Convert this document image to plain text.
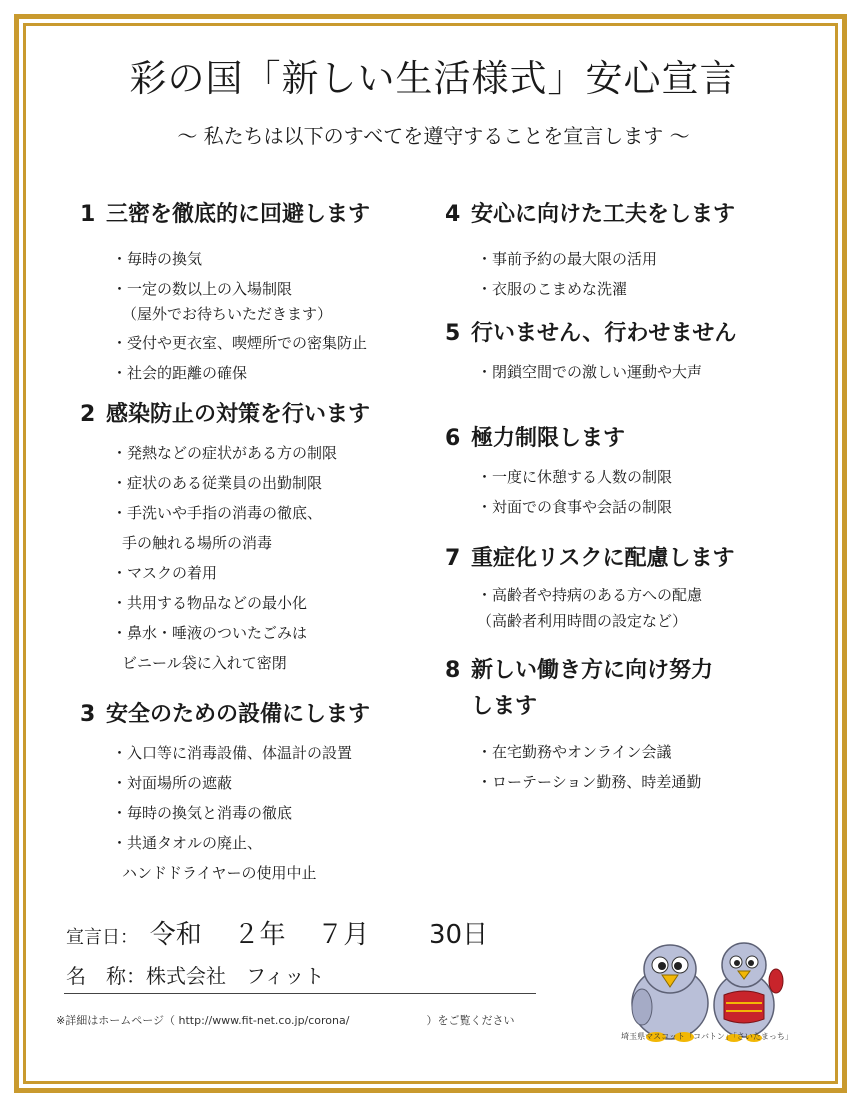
彩の国「新しい生活様式」安心宣言
～ 私たちは以下のすべてを遵守することを宣言します ～

1 三密を徹底的に回避します

・毎時の換気
・一定の数以上の入場制限
（屋外でお待ちいただきます）
・受付や更衣室、喫煙所での密集防止
・社会的距離の確保

2 感染防止の対策を行います

・発熱などの症状がある方の制限
・症状のある従業員の出勤制限
・手洗いや手指の消毒の徹底、
手の触れる場所の消毒
・マスクの着用
・共用する物品などの最小化
・鼻水・唾液のついたごみは
ビニール袋に入れて密閉

3 安全のための設備にします

・入口等に消毒設備、体温計の設置
・対面場所の遮蔽
・毎時の換気と消毒の徹底
・共通タオルの廃止、
ハンドドライヤーの使用中止

4 安心に向けた工夫をします

・事前予約の最大限の活用
・衣服のこまめな洗濯

5 行いません、行わせません

・閉鎖空間での激しい運動や大声

6 極力制限します

・一度に休憩する人数の制限
・対面での食事や会話の制限

7 重症化リスクに配慮します

・高齢者や持病のある方への配慮
（高齢者利用時間の設定など）

8 新しい働き方に向け努力

します

・在宅勤務やオンライン会議
・ローテーション勤務、時差通勤
宣言日： 令和 ２年 ７月 30日
名　称：株式会社　フィット
※詳細はホームページ（ http://www.fit-net.co.jp/corona/　　　　　　　）をご覧ください
埼玉県マスコット「コバトン」「さいたまっち」
